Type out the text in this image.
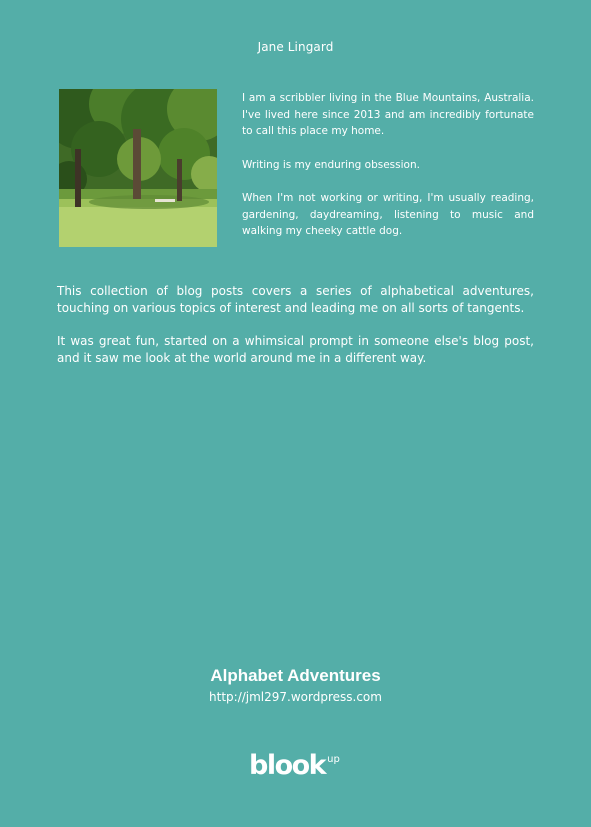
Jane Lingard

I am a scribbler living in the Blue Mountains, Australia. I've lived here since 2013 and am incredibly fortunate to call this place my home.

Writing is my enduring obsession.

When I'm not working or writing, I'm usually reading, gardening, daydreaming, listening to music and walking my cheeky cattle dog.

This collection of blog posts covers a series of alphabetical adventures, touching on various topics of interest and leading me on all sorts of tangents.

It was great fun, started on a whimsical prompt in someone else's blog post, and it saw me look at the world around me in a different way.

Alphabet Adventures
http://jml297.wordpress.com
blook up
